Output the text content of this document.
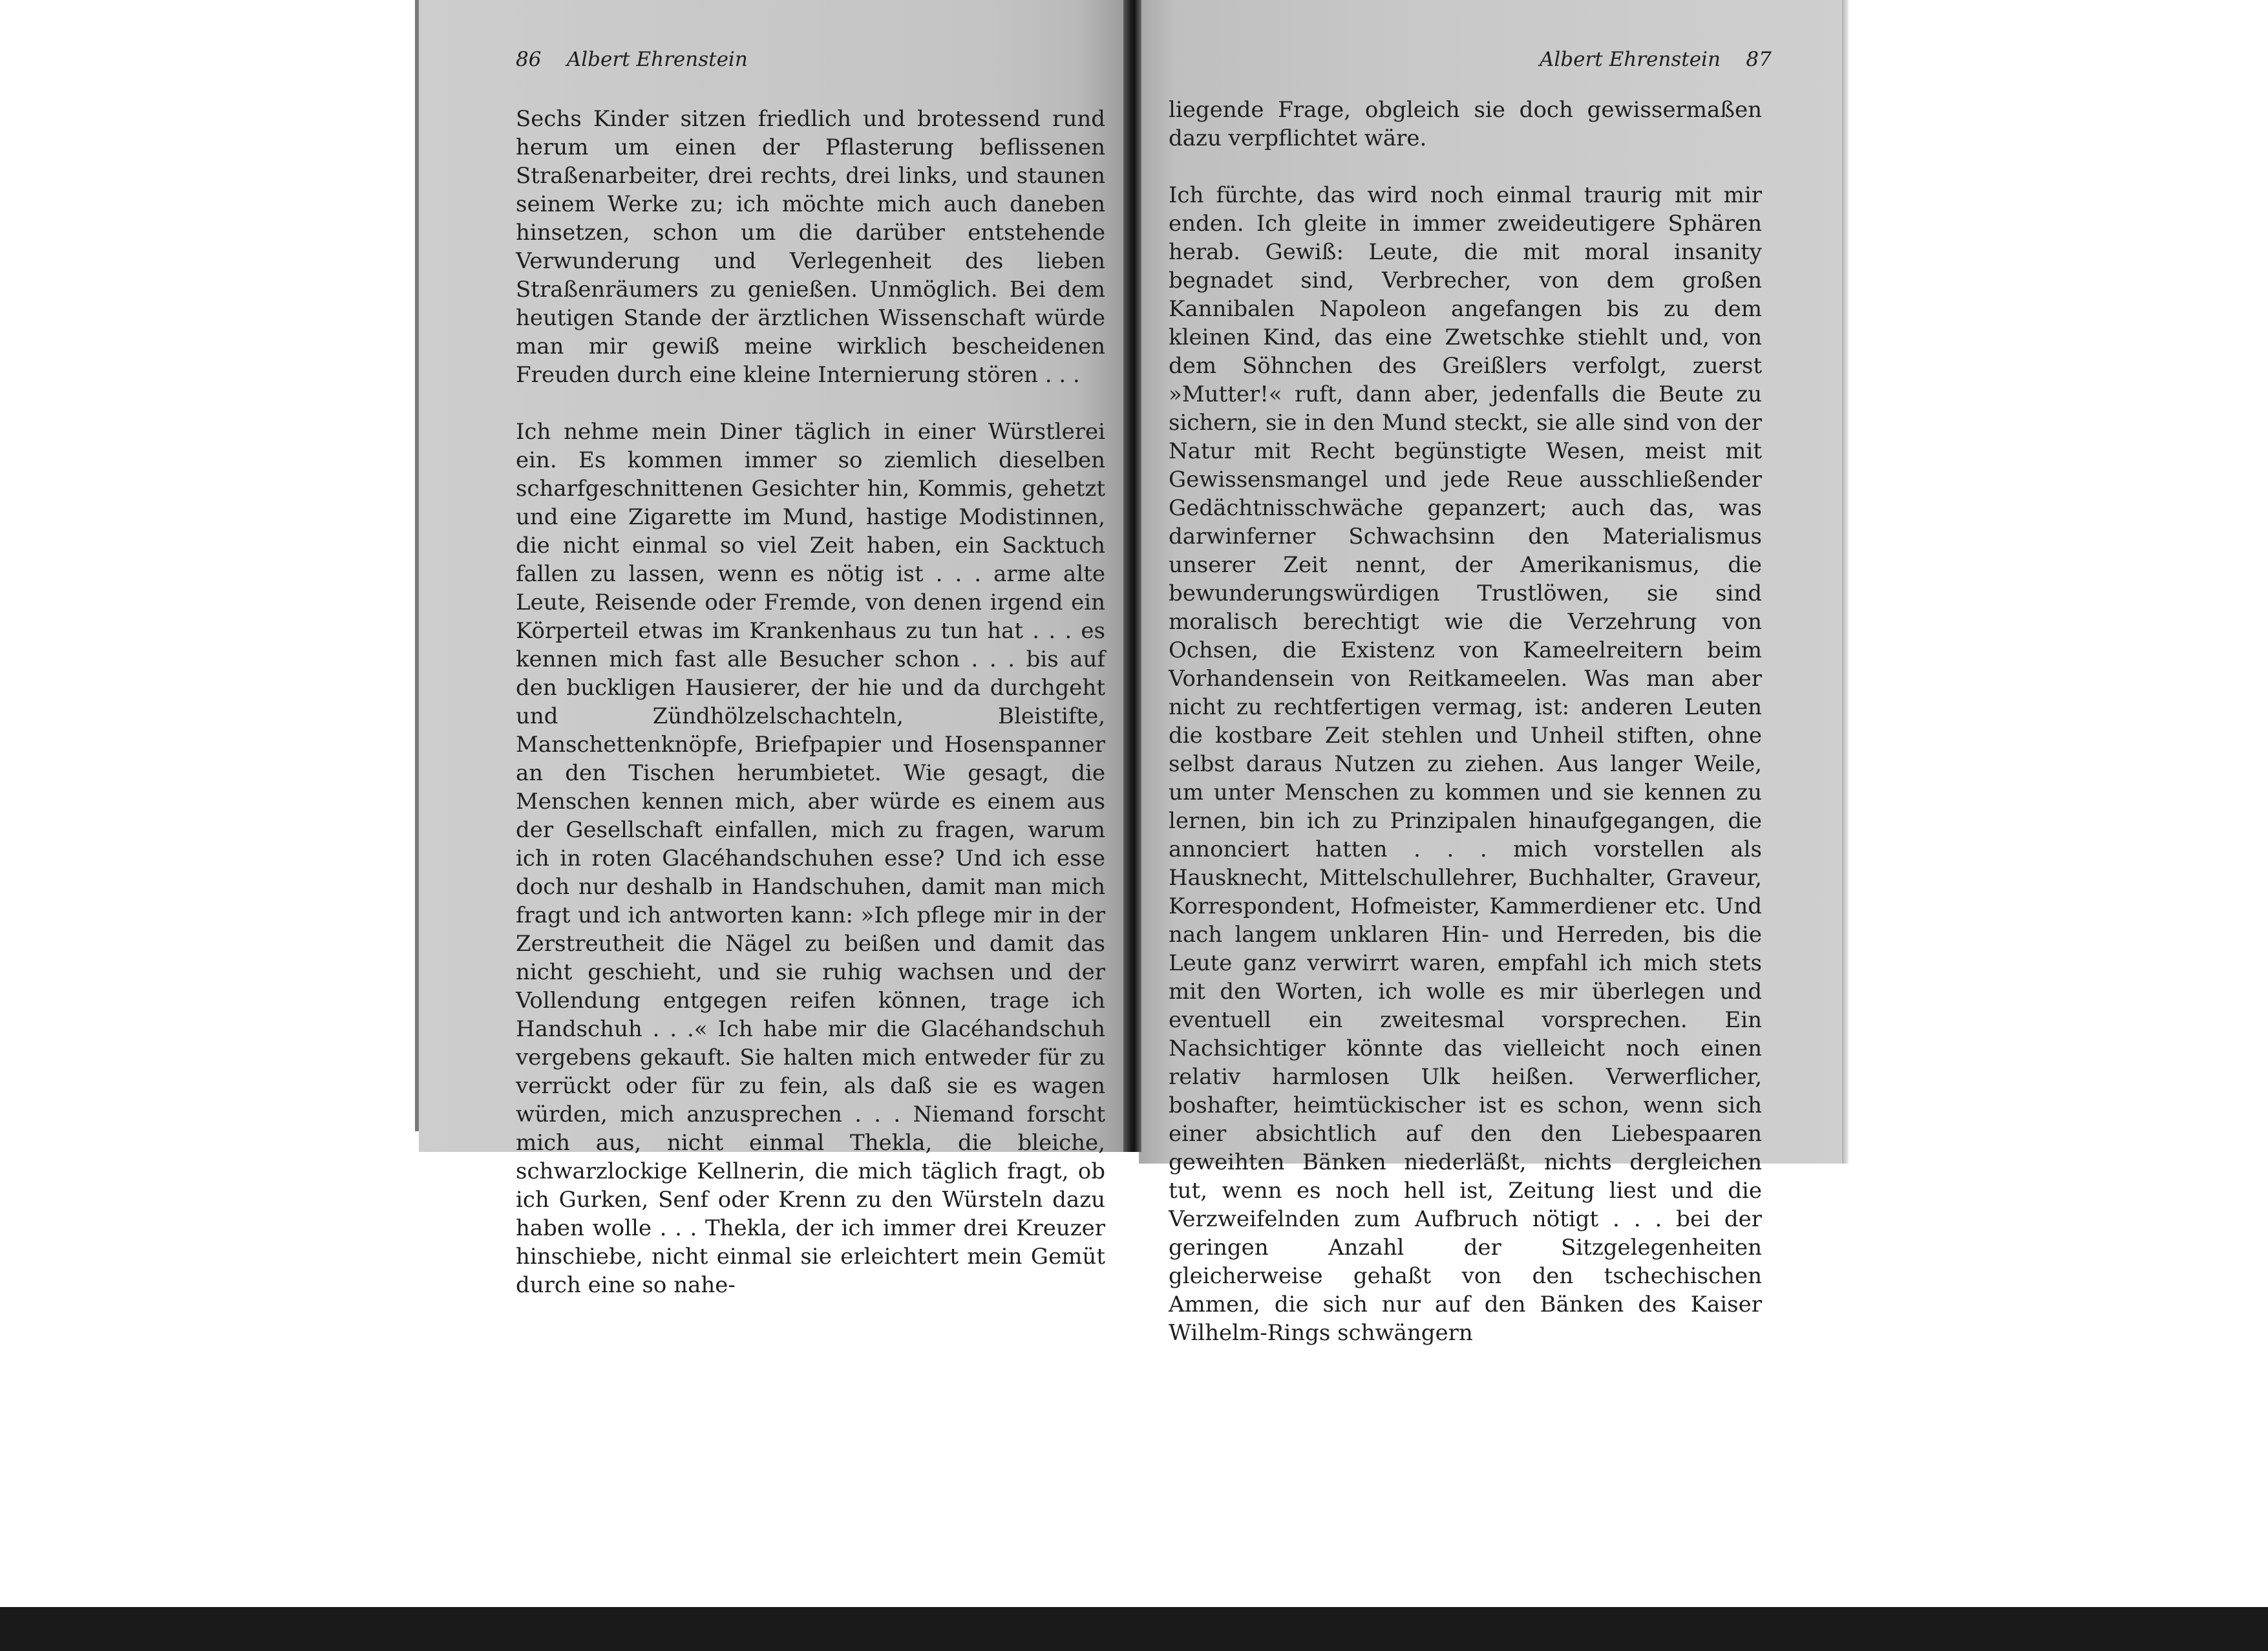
86 Albert Ehrenstein	Albert Ehrenstein 87

Sechs Kinder sitzen friedlich und brotessend rund herum um einen der Pflasterung beflissenen Straßenarbeiter, drei rechts, drei links, und staunen seinem Werke zu; ich möchte mich auch daneben hinsetzen, schon um die darüber entstehende Verwunderung und Verlegenheit des lieben Straßenräumers zu genießen. Unmöglich. Bei dem heutigen Stande der ärztlichen Wissenschaft würde man mir gewiß meine wirklich bescheidenen Freuden durch eine kleine Internierung stören . . .

Ich nehme mein Diner täglich in einer Würstlerei ein. Es kommen immer so ziemlich dieselben scharfgeschnittenen Gesichter hin, Kommis, gehetzt und eine Zigarette im Mund, hastige Modistinnen, die nicht einmal so viel Zeit haben, ein Sacktuch fallen zu lassen, wenn es nötig ist . . . arme alte Leute, Reisende oder Fremde, von denen irgend ein Körperteil etwas im Krankenhaus zu tun hat . . . es kennen mich fast alle Besucher schon . . . bis auf den buckligen Hausierer, der hie und da durchgeht und Zündhölzelschachteln, Bleistifte, Manschettenknöpfe, Briefpapier und Hosenspanner an den Tischen herumbietet. Wie gesagt, die Menschen kennen mich, aber würde es einem aus der Gesellschaft einfallen, mich zu fragen, warum ich in roten Glacéhandschuhen esse? Und ich esse doch nur deshalb in Handschuhen, damit man mich fragt und ich antworten kann: »Ich pflege mir in der Zerstreutheit die Nägel zu beißen und damit das nicht geschieht, und sie ruhig wachsen und der Vollendung entgegen reifen können, trage ich Handschuh . . .« Ich habe mir die Glacéhandschuh vergebens gekauft. Sie halten mich entweder für zu verrückt oder für zu fein, als daß sie es wagen würden, mich anzusprechen . . . Niemand forscht mich aus, nicht einmal Thekla, die bleiche, schwarzlockige Kellnerin, die mich täglich fragt, ob ich Gurken, Senf oder Krenn zu den Würsteln dazu haben wolle . . . Thekla, der ich immer drei Kreuzer hinschiebe, nicht einmal sie erleichtert mein Gemüt durch eine so nahe-

liegende Frage, obgleich sie doch gewissermaßen dazu verpflichtet wäre.

Ich fürchte, das wird noch einmal traurig mit mir enden. Ich gleite in immer zweideutigere Sphären herab. Gewiß: Leute, die mit moral insanity begnadet sind, Verbrecher, von dem großen Kannibalen Napoleon angefangen bis zu dem kleinen Kind, das eine Zwetschke stiehlt und, von dem Söhnchen des Greißlers verfolgt, zuerst »Mutter!« ruft, dann aber, jedenfalls die Beute zu sichern, sie in den Mund steckt, sie alle sind von der Natur mit Recht begünstigte Wesen, meist mit Gewissensmangel und jede Reue ausschließender Gedächtnisschwäche gepanzert; auch das, was darwinferner Schwachsinn den Materialismus unserer Zeit nennt, der Amerikanismus, die bewunderungswürdigen Trustlöwen, sie sind moralisch berechtigt wie die Verzehrung von Ochsen, die Existenz von Kameelreitern beim Vorhandensein von Reitkameelen. Was man aber nicht zu rechtfertigen vermag, ist: anderen Leuten die kostbare Zeit stehlen und Unheil stiften, ohne selbst daraus Nutzen zu ziehen. Aus langer Weile, um unter Menschen zu kommen und sie kennen zu lernen, bin ich zu Prinzipalen hinaufgegangen, die annonciert hatten . . . mich vorstellen als Hausknecht, Mittelschullehrer, Buchhalter, Graveur, Korrespondent, Hofmeister, Kammerdiener etc. Und nach langem unklaren Hin- und Herreden, bis die Leute ganz verwirrt waren, empfahl ich mich stets mit den Worten, ich wolle es mir überlegen und eventuell ein zweitesmal vorsprechen. Ein Nachsichtiger könnte das vielleicht noch einen relativ harmlosen Ulk heißen. Verwerflicher, boshafter, heimtückischer ist es schon, wenn sich einer absichtlich auf den den Liebespaaren geweihten Bänken niederläßt, nichts dergleichen tut, wenn es noch hell ist, Zeitung liest und die Verzweifelnden zum Aufbruch nötigt . . . bei der geringen Anzahl der Sitzgelegenheiten gleicherweise gehaßt von den tschechischen Ammen, die sich nur auf den Bänken des Kaiser Wilhelm-Rings schwängern
